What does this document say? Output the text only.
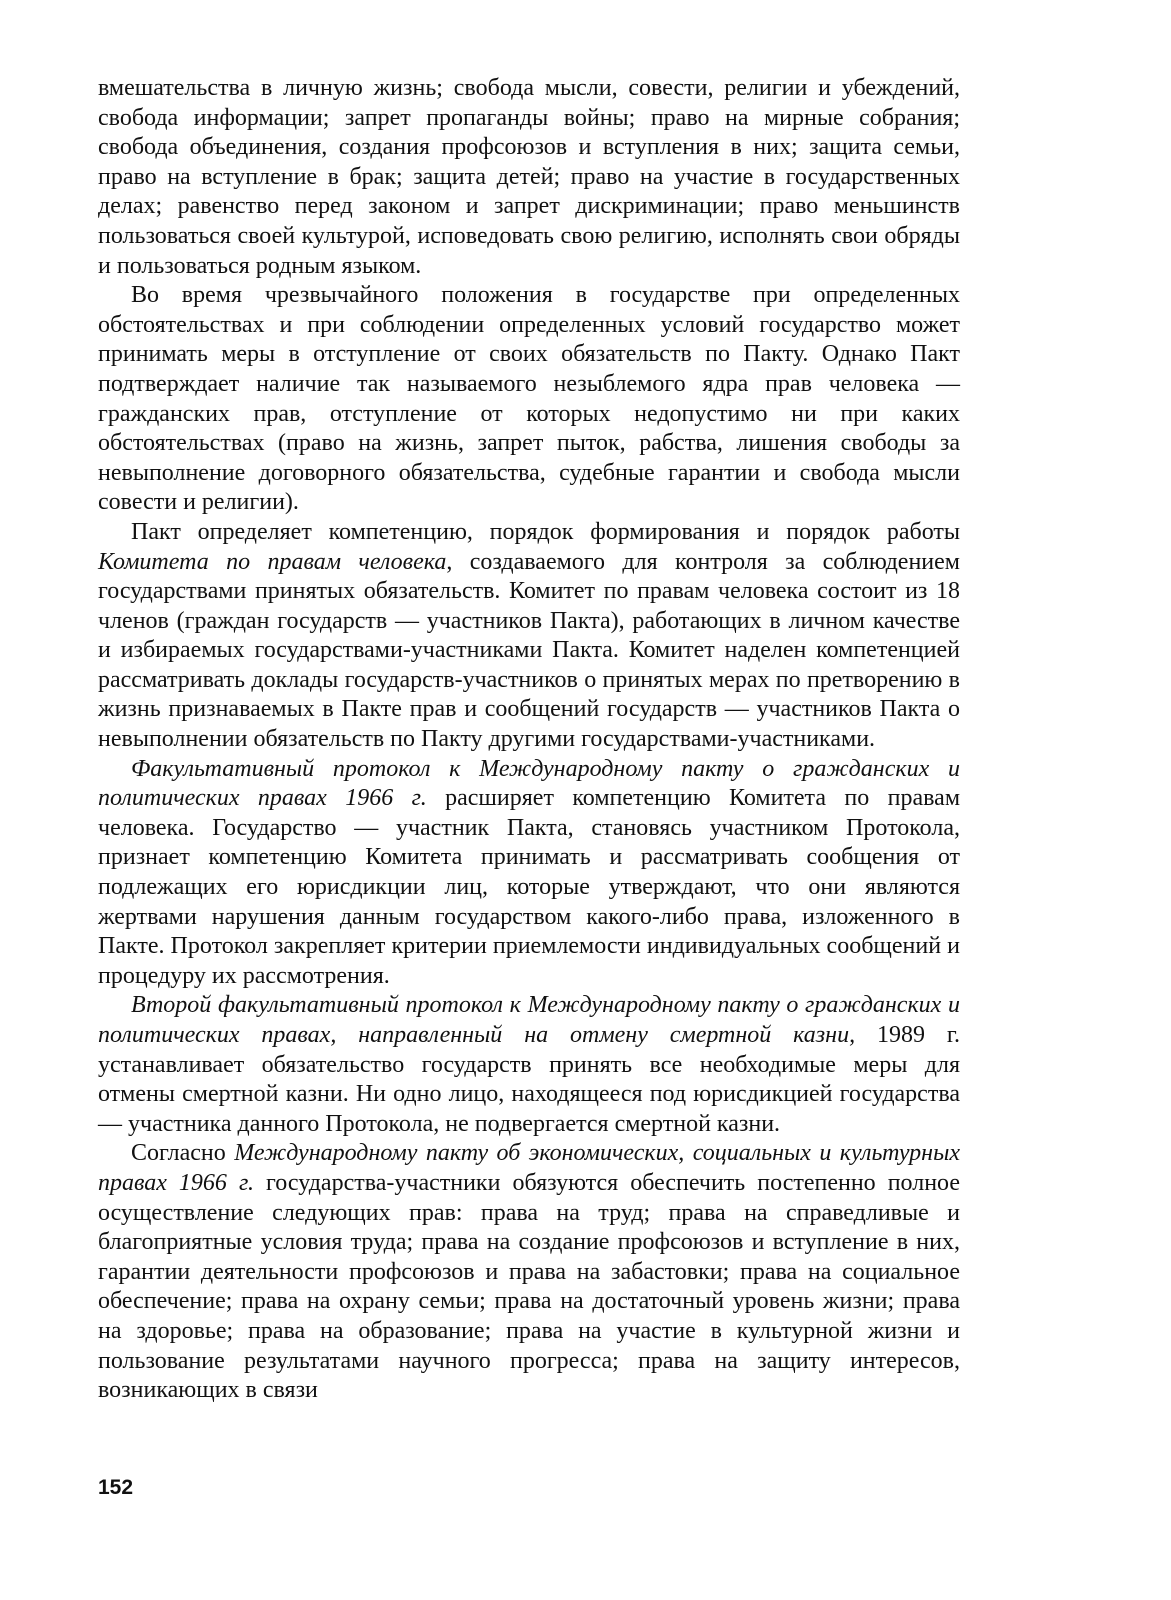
вмешательства в личную жизнь; свобода мысли, совести, религии и убеждений, свобода информации; запрет пропаганды войны; право на мирные собрания; свобода объединения, создания профсоюзов и вступления в них; защита семьи, право на вступление в брак; защита детей; право на участие в государственных делах; равенство перед законом и запрет дискриминации; право меньшинств пользоваться своей культурой, исповедовать свою религию, исполнять свои обряды и пользоваться родным языком.

Во время чрезвычайного положения в государстве при определенных обстоятельствах и при соблюдении определенных условий государство может принимать меры в отступление от своих обязательств по Пакту. Однако Пакт подтверждает наличие так называемого незыблемого ядра прав человека — гражданских прав, отступление от которых недопустимо ни при каких обстоятельствах (право на жизнь, запрет пыток, рабства, лишения свободы за невыполнение договорного обязательства, судебные гарантии и свобода мысли совести и религии).

Пакт определяет компетенцию, порядок формирования и порядок работы Комитета по правам человека, создаваемого для контроля за соблюдением государствами принятых обязательств. Комитет по правам человека состоит из 18 членов (граждан государств — участников Пакта), работающих в личном качестве и избираемых государствами-участниками Пакта. Комитет наделен компетенцией рассматривать доклады государств-участников о принятых мерах по претворению в жизнь признаваемых в Пакте прав и сообщений государств — участников Пакта о невыполнении обязательств по Пакту другими государствами-участниками.

Факультативный протокол к Международному пакту о гражданских и политических правах 1966 г. расширяет компетенцию Комитета по правам человека. Государство — участник Пакта, становясь участником Протокола, признает компетенцию Комитета принимать и рассматривать сообщения от подлежащих его юрисдикции лиц, которые утверждают, что они являются жертвами нарушения данным государством какого-либо права, изложенного в Пакте. Протокол закрепляет критерии приемлемости индивидуальных сообщений и процедуру их рассмотрения.

Второй факультативный протокол к Международному пакту о гражданских и политических правах, направленный на отмену смертной казни, 1989 г. устанавливает обязательство государств принять все необходимые меры для отмены смертной казни. Ни одно лицо, находящееся под юрисдикцией государства — участника данного Протокола, не подвергается смертной казни.

Согласно Международному пакту об экономических, социальных и культурных правах 1966 г. государства-участники обязуются обеспечить постепенно полное осуществление следующих прав: права на труд; права на справедливые и благоприятные условия труда; права на создание профсоюзов и вступление в них, гарантии деятельности профсоюзов и права на забастовки; права на социальное обеспечение; права на охрану семьи; права на достаточный уровень жизни; права на здоровье; права на образование; права на участие в культурной жизни и пользование результатами научного прогресса; права на защиту интересов, возникающих в связи

152
